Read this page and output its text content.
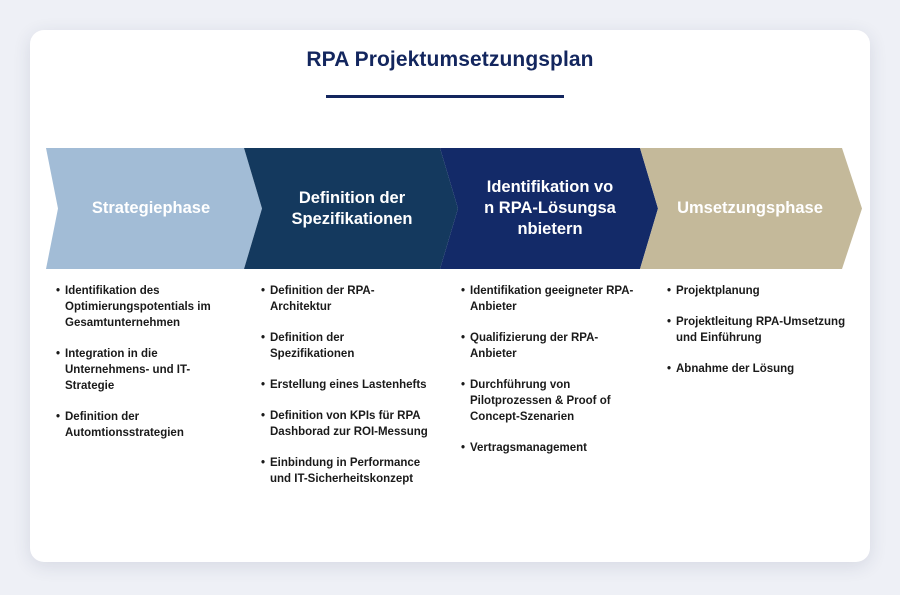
RPA Projektumsetzungsplan
Strategiephase
Definition der
Spezifikationen
Identifikation vo
n RPA-Lösungsa
nbietern
Umsetzungsphase
• Identifikation des Optimierungspotentials im Gesamtunternehmen
• Integration in die Unternehmens- und IT-Strategie
• Definition der Automtionsstrategien
• Definition der RPA-Architektur
• Definition der Spezifikationen
• Erstellung eines Lastenhefts
• Definition von KPIs für RPA Dashborad zur ROI-Messung
• Einbindung in Performance und IT-Sicherheitskonzept
• Identifikation geeigneter RPA-Anbieter
• Qualifizierung der RPA-Anbieter
• Durchführung von Pilotprozessen & Proof of Concept-Szenarien
• Vertragsmanagement
• Projektplanung
• Projektleitung RPA-Umsetzung und Einführung
• Abnahme der Lösung
